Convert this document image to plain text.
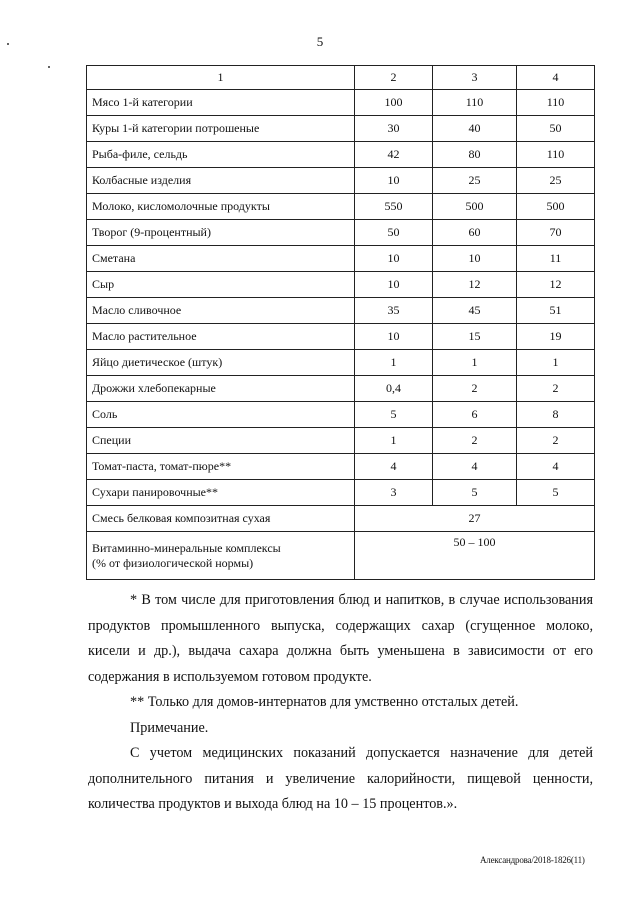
5
1	2	3	4
Мясо 1-й категории	100	110	110
Куры 1-й категории потрошеные	30	40	50
Рыба-филе, сельдь	42	80	110
Колбасные изделия	10	25	25
Молоко, кисломолочные продукты	550	500	500
Творог (9-процентный)	50	60	70
Сметана	10	10	11
Сыр	10	12	12
Масло сливочное	35	45	51
Масло растительное	10	15	19
Яйцо диетическое (штук)	1	1	1
Дрожжи хлебопекарные	0,4	2	2
Соль	5	6	8
Специи	1	2	2
Томат-паста, томат-пюре**	4	4	4
Сухари панировочные**	3	5	5
Смесь белковая композитная сухая	27		
Витаминно-минеральные комплексы
(% от физиологической нормы)	50 – 100		

* В том числе для приготовления блюд и напитков, в случае использования продуктов промышленного выпуска, содержащих сахар (сгущенное молоко, кисели и др.), выдача сахара должна быть уменьшена в зависимости от его содержания в используемом готовом продукте.

** Только для домов-интернатов для умственно отсталых детей.

Примечание.

С учетом медицинских показаний допускается назначение для детей дополнительного питания и увеличение калорийности, пищевой ценности, количества продуктов и выхода блюд на 10 – 15 процентов.».

Александрова/2018-1826(11)
